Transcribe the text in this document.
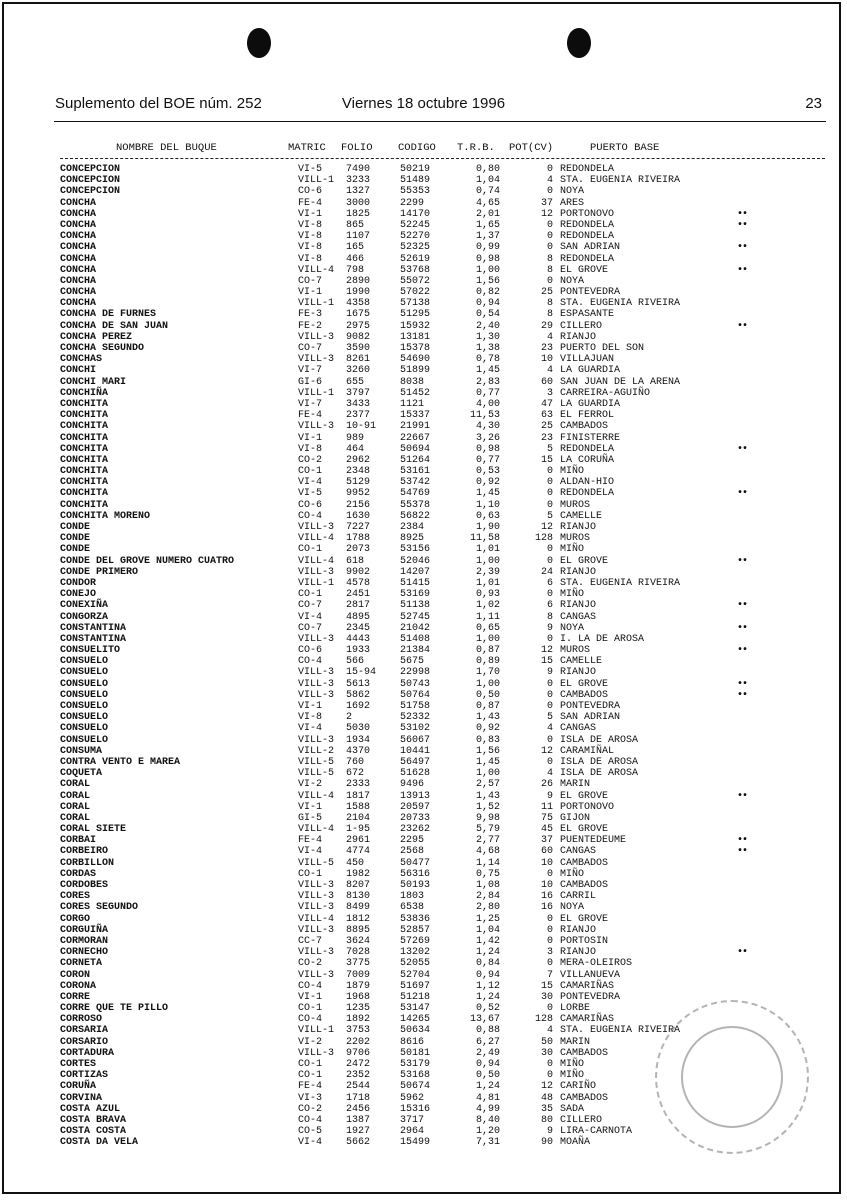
Suplemento del BOE núm. 252	Viernes 18 octubre 1996	23
NOMBRE DEL BUQUE	MATRIC FOLIO CODIGO T.R.B. POT(CV)	PUERTO BASE
CONCEPCION	VI-5 7490	50219	0,80	0 REDONDELA
CONCEPCION	VILL-1 3233	51489	1,04	4 STA. EUGENIA RIVEIRA
CONCEPCION	CO-6 1327	55353	0,74	0 NOYA
CONCHA	FE-4 3000	2299	4,65	37 ARES
CONCHA	VI-1 1825	14170	2,01	12 PORTONOVO	••
CONCHA	VI-8 865	52245	1,65	0 REDONDELA	••
CONCHA	VI-8 1107	52270	1,37	0 REDONDELA
CONCHA	VI-8 165	52325	0,99	0 SAN ADRIAN	••
CONCHA	VI-8 466	52619	0,98	8 REDONDELA
CONCHA	VILL-4 798	53768	1,00	8 EL GROVE	••
CONCHA	CO-7 2890	55072	1,56	0 NOYA
CONCHA	VI-1 1990	57022	0,82	25 PONTEVEDRA
CONCHA	VILL-1 4358	57138	0,94	8 STA. EUGENIA RIVEIRA
CONCHA DE FURNES	FE-3 1675	51295	0,54	8 ESPASANTE
CONCHA DE SAN JUAN	FE-2 2975	15932	2,40	29 CILLERO	••
CONCHA PEREZ	VILL-3 9082	13181	1,30	4 RIANJO
CONCHA SEGUNDO	CO-7 3590	15378	1,38	23 PUERTO DEL SON
CONCHAS	VILL-3 8261	54690	0,78	10 VILLAJUAN
CONCHI	VI-7 3260	51899	1,45	4 LA GUARDIA
CONCHI MARI	GI-6 655	8038	2,83	60 SAN JUAN DE LA ARENA
CONCHIÑA	VILL-1 3797	51452	0,77	3 CARREIRA-AGUIÑO
CONCHITA	VI-7 3433	1121	4,00	47 LA GUARDIA
CONCHITA	FE-4 2377	15337	11,53	63 EL FERROL
CONCHITA	VILL-3 10-91 21991	4,30	25 CAMBADOS
CONCHITA	VI-1 989	22667	3,26	23 FINISTERRE
CONCHITA	VI-8 464	50694	0,98	5 REDONDELA	••
CONCHITA	CO-2 2962	51264	0,77	15 LA CORUÑA
CONCHITA	CO-1 2348	53161	0,53	0 MIÑO
CONCHITA	VI-4 5129	53742	0,92	0 ALDAN-HIO
CONCHITA	VI-5 9952	54769	1,45	0 REDONDELA	••
CONCHITA	CO-6 2156	55378	1,10	0 MUROS
CONCHITA MORENO	CO-4 1630	56822	0,63	5 CAMELLE
CONDE	VILL-3 7227	2384	1,90	12 RIANJO
CONDE	VILL-4 1788	8925	11,58	128 MUROS
CONDE	CO-1 2073	53156	1,01	0 MIÑO
CONDE DEL GROVE NUMERO CUATRO	VILL-4 618	52046	1,00	0 EL GROVE	••
CONDE PRIMERO	VILL-3 9902	14207	2,39	24 RIANJO
CONDOR	VILL-1 4578	51415	1,01	6 STA. EUGENIA RIVEIRA
CONEJO	CO-1 2451	53169	0,93	0 MIÑO
CONEXIÑA	CO-7 2817	51138	1,02	6 RIANJO	••
CONGORZA	VI-4 4895	52745	1,11	8 CANGAS
CONSTANTINA	CO-7 2345	21042	0,65	9 NOYA	••
CONSTANTINA	VILL-3 4443	51408	1,00	0 I. LA DE AROSA
CONSUELITO	CO-6 1933	21384	0,87	12 MUROS	••
CONSUELO	CO-4 566	5675	0,89	15 CAMELLE
CONSUELO	VILL-3 15-94 22998	1,70	9 RIANJO
CONSUELO	VILL-3 5613	50743	1,00	0 EL GROVE	••
CONSUELO	VILL-3 5862	50764	0,50	0 CAMBADOS	••
CONSUELO	VI-1 1692	51758	0,87	0 PONTEVEDRA
CONSUELO	VI-8 2	52332	1,43	5 SAN ADRIAN
CONSUELO	VI-4 5030	53102	0,92	4 CANGAS
CONSUELO	VILL-3 1934	56067	0,83	0 ISLA DE AROSA
CONSUMA	VILL-2 4370	10441	1,56	12 CARAMIÑAL
CONTRA VENTO E MAREA	VILL-5 760	56497	1,45	0 ISLA DE AROSA
COQUETA	VILL-5 672	51628	1,00	4 ISLA DE AROSA
CORAL	VI-2 2333	9496	2,57	26 MARIN
CORAL	VILL-4 1817	13913	1,43	9 EL GROVE	••
CORAL	VI-1 1588	20597	1,52	11 PORTONOVO
CORAL	GI-5 2104	20733	9,98	75 GIJON
CORAL SIETE	VILL-4 1-95	23262	5,79	45 EL GROVE
CORBAI	FE-4 2961	2295	2,77	37 PUENTEDEUME	••
CORBEIRO	VI-4 4774	2568	4,68	60 CANGAS	••
CORBILLON	VILL-5 450	50477	1,14	10 CAMBADOS
CORDAS	CO-1 1982	56316	0,75	0 MIÑO
CORDOBES	VILL-3 8207	50193	1,08	10 CAMBADOS
CORES	VILL-3 8130	1803	2,84	16 CARRIL
CORES SEGUNDO	VILL-3 8499	6538	2,80	16 NOYA
CORGO	VILL-4 1812	53836	1,25	0 EL GROVE
CORGUIÑA	VILL-3 8895	52857	1,04	0 RIANJO
CORMORAN	CC-7 3624	57269	1,42	0 PORTOSIN
CORNECHO	VILL-3 7028	13202	1,24	3 RIANJO	••
CORNETA	CO-2 3775	52055	0,84	0 MERA-OLEIROS
CORON	VILL-3 7009	52704	0,94	7 VILLANUEVA
CORONA	CO-4 1879	51697	1,12	15 CAMARIÑAS
CORRE	VI-1 1968	51218	1,24	30 PONTEVEDRA
CORRE QUE TE PILLO	CO-1 1235	53147	0,52	0 LORBE
CORROSO	CO-4 1892	14265	13,67	128 CAMARIÑAS
CORSARIA	VILL-1 3753	50634	0,88	4 STA. EUGENIA RIVEIRA
CORSARIO	VI-2 2202	8616	6,27	50 MARIN
CORTADURA	VILL-3 9706	50181	2,49	30 CAMBADOS
CORTES	CO-1 2472	53179	0,94	0 MIÑO
CORTIZAS	CO-1 2352	53168	0,50	0 MIÑO
CORUÑA	FE-4 2544	50674	1,24	12 CARIÑO
CORVINA	VI-3 1718	5962	4,81	48 CAMBADOS
COSTA AZUL	CO-2 2456	15316	4,99	35 SADA
COSTA BRAVA	CO-4 1387	3717	8,40	80 CILLERO
COSTA COSTA	CO-5 1927	2964	1,20	9 LIRA-CARNOTA
COSTA DA VELA	VI-4 5662	15499	7,31	90 MOAÑA
